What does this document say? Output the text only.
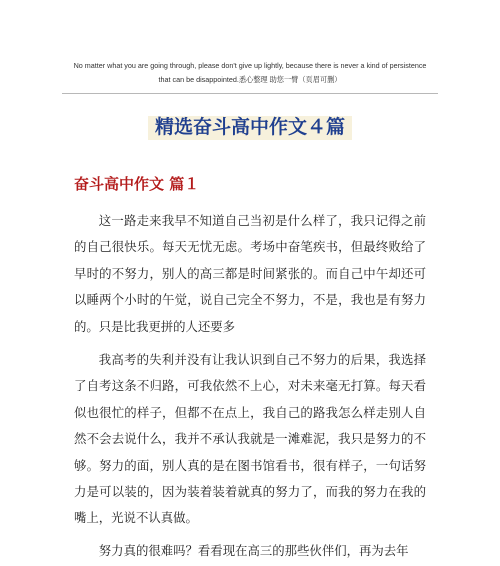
No matter what you are going through, please don't give up lightly, because there is never a kind of persistence
that can be disappointed.悉心整理 助您一臂（页眉可删）
精选奋斗高中作文４篇
奋斗高中作文 篇１

这一路走来我早不知道自己当初是什么样了，我只记得之前的自己很快乐。每天无忧无虑。考场中奋笔疾书，但最终败给了早时的不努力，别人的高三都是时间紧张的。而自己中午却还可以睡两个小时的午觉，说自己完全不努力，不是，我也是有努力的。只是比我更拼的人还要多

我高考的失利并没有让我认识到自己不努力的后果，我选择了自考这条不归路，可我依然不上心，对未来毫无打算。每天看似也很忙的样子，但都不在点上，我自己的路我怎么样走别人自然不会去说什么，我并不承认我就是一滩难泥，我只是努力的不够。努力的面，别人真的是在图书馆看书，很有样子，一句话努力是可以装的，因为装着装着就真的努力了，而我的努力在我的嘴上，光说不认真做。

努力真的很难吗？看看现在高三的那些伙伴们，再为去年
